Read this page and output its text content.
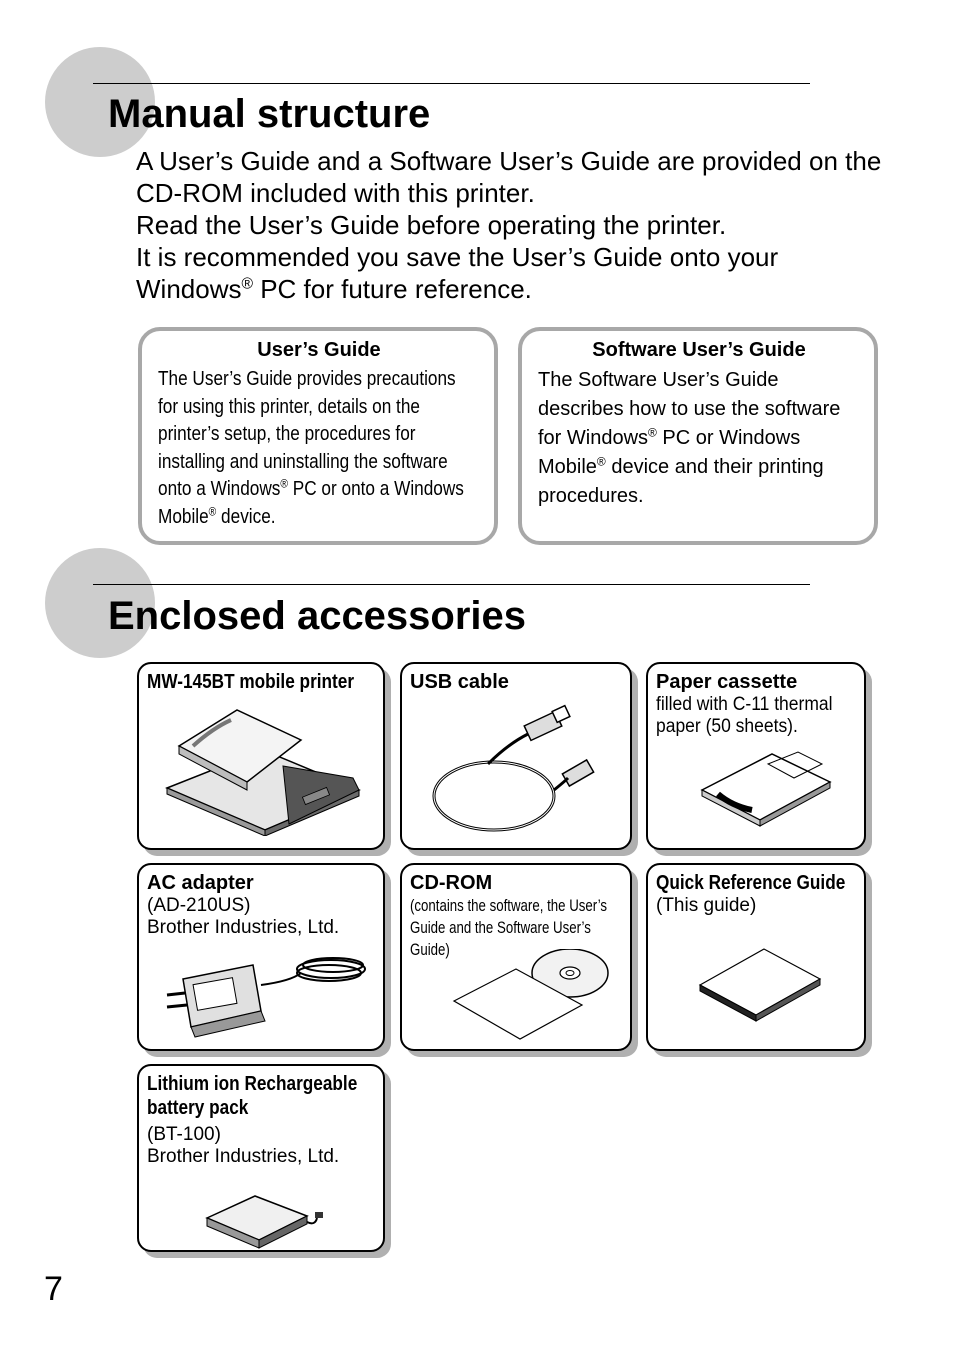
Manual structure

A User’s Guide and a Software User’s Guide are provided on the CD-ROM included with this printer.

Read the User’s Guide before operating the printer.

It is recommended you save the User’s Guide onto your

Windows® PC for future reference.

User’s Guide
The User’s Guide provides precautions for using this printer, details on the printer’s setup, the procedures for installing and uninstalling the software onto a Windows® PC or onto a Windows Mobile® device.
Software User’s Guide
The Software User’s Guide describes how to use the software for Windows® PC or Windows Mobile® device and their printing procedures.
Enclosed accessories
MW-145BT mobile printer	USB cable	Paper cassette
filled with C-11 thermal paper (50 sheets).
AC adapter
(AD-210US)
Brother Industries, Ltd.
CD-ROM
(contains the software, the User’s Guide and the Software User’s Guide)
Quick Reference Guide
(This guide)
Lithium ion Rechargeable
battery pack
(BT-100)
Brother Industries, Ltd.
7
